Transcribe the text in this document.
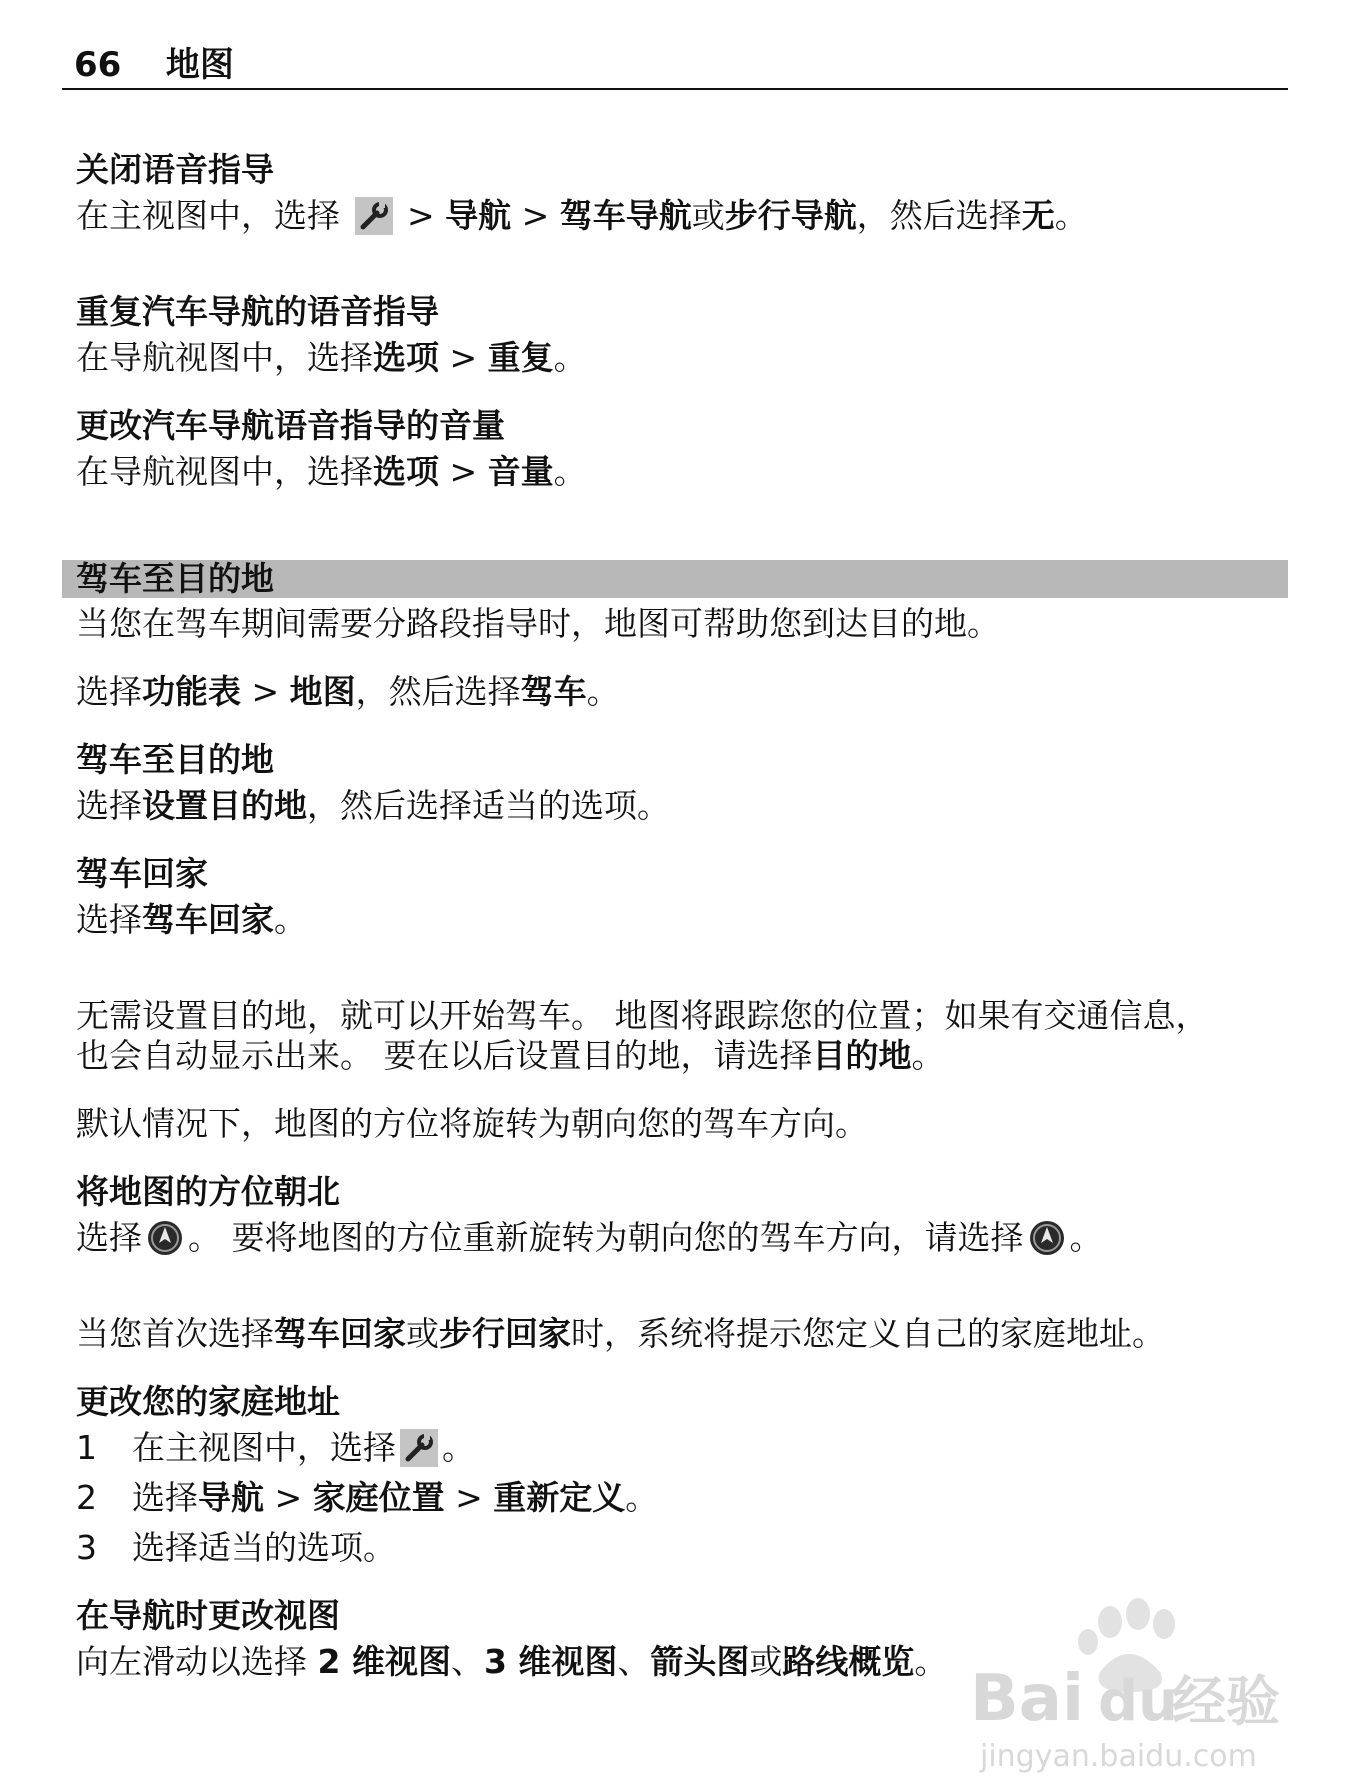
66 地图
关闭语音指导
在主视图中，选择  > 导航 > 驾车导航或步行导航，然后选择无。
重复汽车导航的语音指导
在导航视图中，选择选项 > 重复。
更改汽车导航语音指导的音量
在导航视图中，选择选项 > 音量。
驾车至目的地
当您在驾车期间需要分路段指导时，地图可帮助您到达目的地。
选择功能表 > 地图，然后选择驾车。
驾车至目的地
选择设置目的地，然后选择适当的选项。
驾车回家
选择驾车回家。
无需设置目的地，就可以开始驾车。 地图将跟踪您的位置；如果有交通信息，
也会自动显示出来。 要在以后设置目的地，请选择目的地。
默认情况下，地图的方位将旋转为朝向您的驾车方向。
将地图的方位朝北
选择 。 要将地图的方位重新旋转为朝向您的驾车方向，请选择 。
当您首次选择驾车回家或步行回家时，系统将提示您定义自己的家庭地址。
更改您的家庭地址
1 在主视图中，选择 。
2 选择导航 > 家庭位置 > 重新定义。
3 选择适当的选项。
在导航时更改视图
向左滑动以选择 2 维视图、3 维视图、箭头图或路线概览。
Bai du
经验
jingyan.baidu.com
